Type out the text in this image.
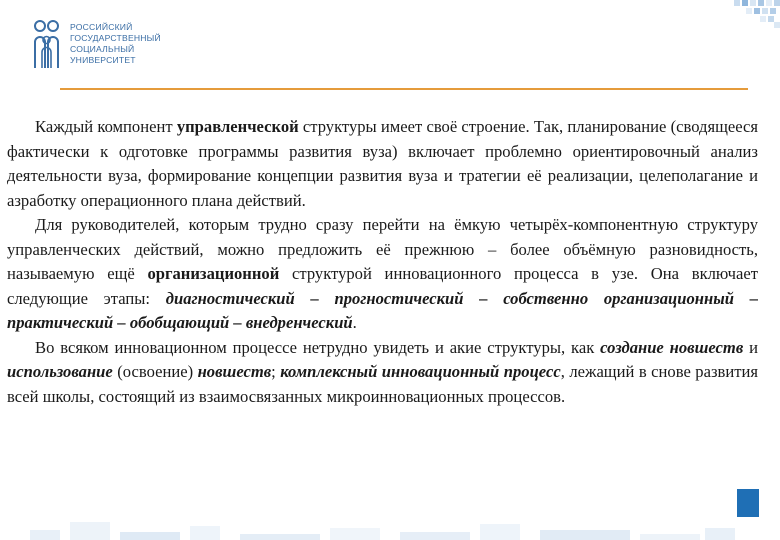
РОССИЙСКИЙ
ГОСУДАРСТВЕННЫЙ
СОЦИАЛЬНЫЙ
УНИВЕРСИТЕТ

Каждый компонент управленческой структуры имеет своё строение. Так, планирование (сводящееся фактически к одготовке программы развития вуза) включает проблемно ориентировочный анализ деятельности вуза, формирование концепции развития вуза и тратегии её реализации, целеполагание и азработку операционного плана действий.

Для руководителей, которым трудно сразу перейти на ёмкую четырёх-компонентную структуру управленческих действий, можно предложить её прежнюю – более объёмную разновидность, называемую ещё организационной структурой инновационного процесса в узе. Она включает следующие этапы: диагностический – прогностический – собственно организационный – практический – обобщающий – внедренческий.

Во всяком инновационном процессе нетрудно увидеть и акие структуры, как создание новшеств и использование (освоение) новшеств; комплексный инновационный процесс, лежащий в снове развития всей школы, состоящий из взаимосвязанных микроинновационных процессов.
